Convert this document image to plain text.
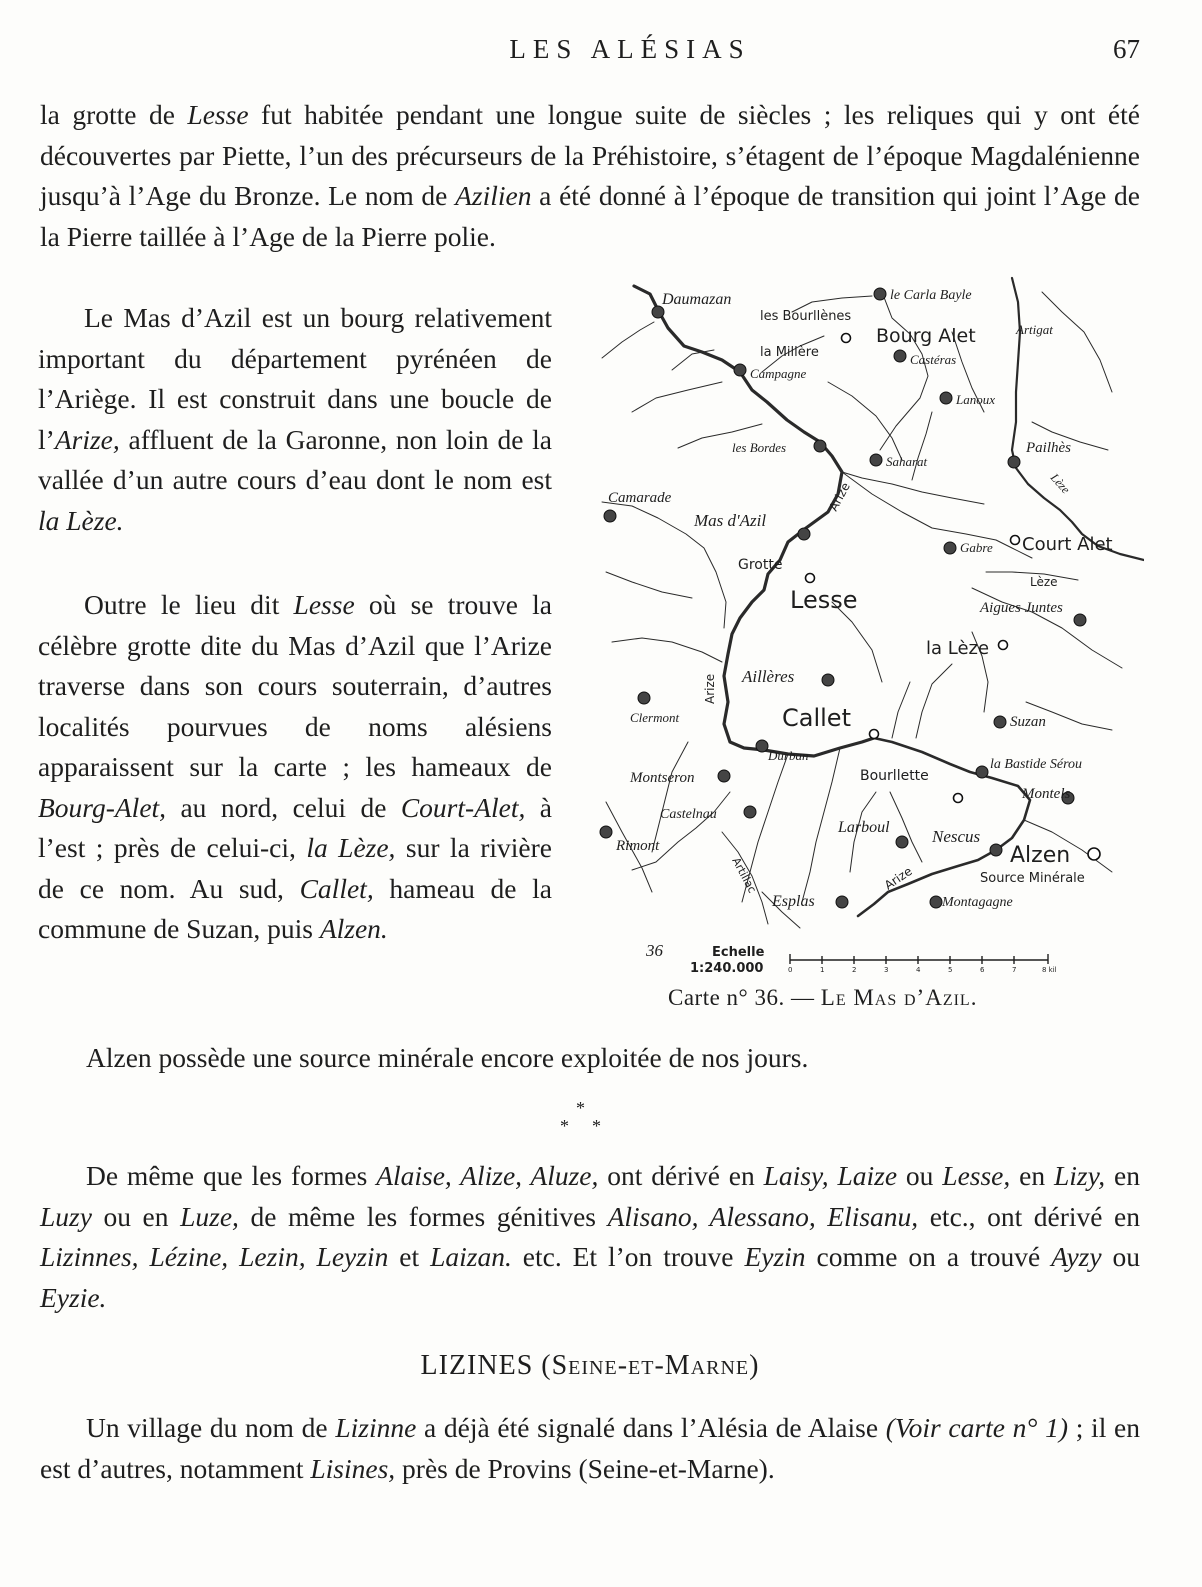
LES ALÉSIAS	67

la grotte de Lesse fut habitée pendant une longue suite de siècles ; les reliques qui y ont été découvertes par Piette, l’un des précurseurs de la Préhistoire, s’étagent de l’époque Magdalénienne jusqu’à l’Age du Bronze. Le nom de Azilien a été donné à l’époque de transition qui joint l’Age de la Pierre taillée à l’Age de la Pierre polie.

Le Mas d’Azil est un bourg relativement important du département pyrénéen de l’Ariège. Il est construit dans une boucle de l’Arize, affluent de la Garonne, non loin de la vallée d’un autre cours d’eau dont le nom est la Lèze.

Outre le lieu dit Lesse où se trouve la célèbre grotte dite du Mas d’Azil que l’Arize traverse dans son cours souterrain, d’autres localités pourvues de noms alésiens apparaissent sur la carte ; les hameaux de Bourg-Alet, au nord, celui de Court-Alet, à l’est ; près de celui-ci, la Lèze, sur la rivière de ce nom. Au sud, Callet, hameau de la commune de Suzan, puis Alzen.

Alzen possède une source minérale encore exploitée de nos jours.

*
* *

De même que les formes Alaise, Alize, Aluze, ont dérivé en Laisy, Laize ou Lesse, en Lizy, en Luzy ou en Luze, de même les formes génitives Alisano, Alessano, Elisanu, etc., ont dérivé en Lizinnes, Lézine, Lezin, Leyzin et Laizan. etc. Et l’on trouve Eyzin comme on a trouvé Ayzy ou Eyzie.

LIZINES (Seine-et-Marne)

Un village du nom de Lizinne a déjà été signalé dans l’Alésia de Alaise (Voir carte n° 1) ; il en est d’autres, notamment Lisines, près de Provins (Seine-et-Marne).

Daumazan
les Bourllènes
le Carla Bayle
Bourg Alet	Artigat
la Millère
Campagne
Castéras
Lanoux
les Bordes
Saharat
Pailhès
Camarade
Mas d'Azil
Gabre Court Alet
Grotte
Lesse	Aigues Juntes
la Lèze
Aillères
Callet
Clermont	Suzan
Durban
la Bastide Sérou
Montseron	Bourllette
Montels
Castelnau
Larboul Nescus
Rimont	Alzen
Source Minérale
Esplas	Montagagne
Arize
Arize
Arize
Lèze
Lèze
Artillac
36	Echelle
1:240.000	0	1	2	3	4	5	6	7	8 kil
Carte n° 36. — Le Mas d’Azil.
